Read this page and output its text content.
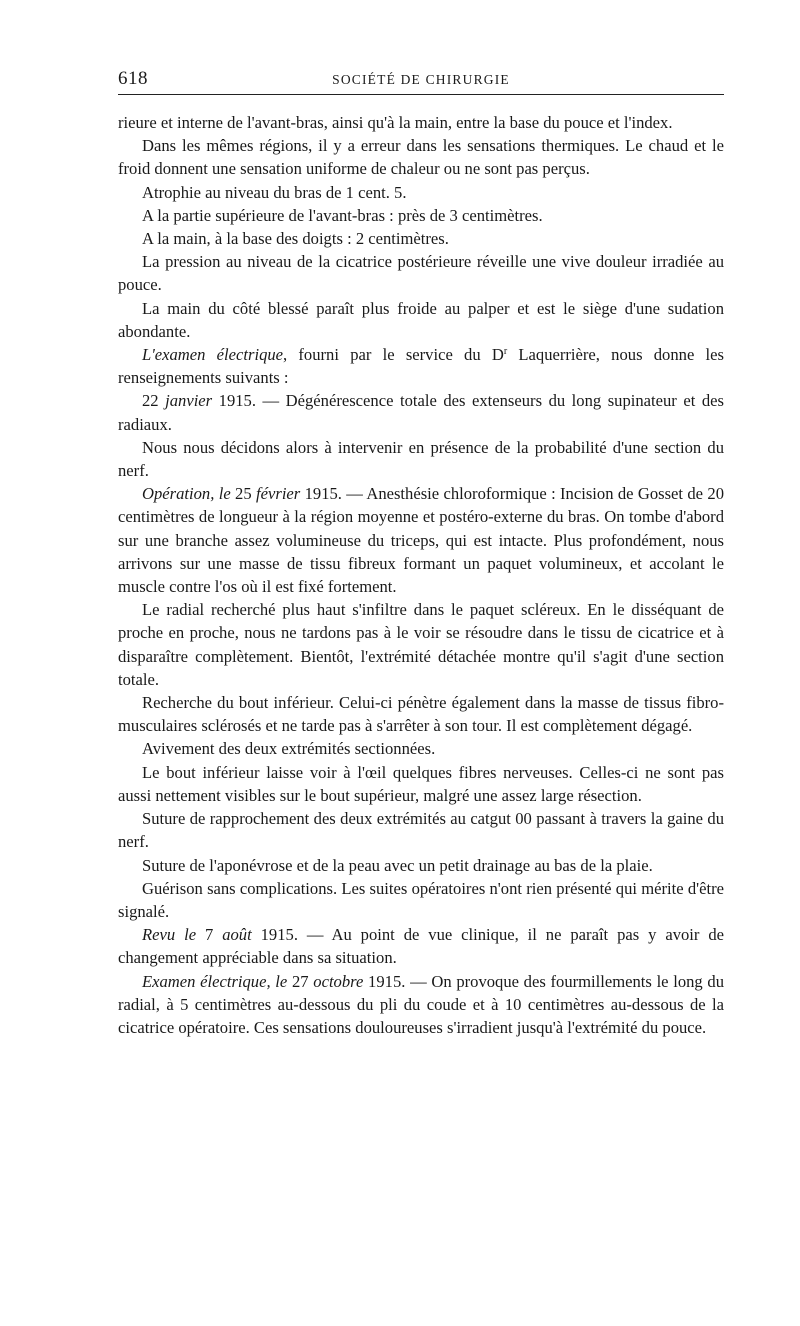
618	SOCIÉTÉ DE CHIRURGIE

rieure et interne de l'avant-bras, ainsi qu'à la main, entre la base du pouce et l'index.

Dans les mêmes régions, il y a erreur dans les sensations thermiques. Le chaud et le froid donnent une sensation uniforme de chaleur ou ne sont pas perçus.

Atrophie au niveau du bras de 1 cent. 5.

A la partie supérieure de l'avant-bras : près de 3 centimètres.

A la main, à la base des doigts : 2 centimètres.

La pression au niveau de la cicatrice postérieure réveille une vive douleur irradiée au pouce.

La main du côté blessé paraît plus froide au palper et est le siège d'une sudation abondante.

L'examen électrique, fourni par le service du $D^r$ Laquerrière, nous donne les renseignements suivants :

22 janvier 1915. — Dégénérescence totale des extenseurs du long supinateur et des radiaux.

Nous nous décidons alors à intervenir en présence de la probabilité d'une section du nerf.

Opération, le 25 février 1915. — Anesthésie chloroformique : Incision de Gosset de 20 centimètres de longueur à la région moyenne et postéro-externe du bras. On tombe d'abord sur une branche assez volumineuse du triceps, qui est intacte. Plus profondément, nous arrivons sur une masse de tissu fibreux formant un paquet volumineux, et accolant le muscle contre l'os où il est fixé fortement.

Le radial recherché plus haut s'infiltre dans le paquet scléreux. En le disséquant de proche en proche, nous ne tardons pas à le voir se résoudre dans le tissu de cicatrice et à disparaître complètement. Bientôt, l'extrémité détachée montre qu'il s'agit d'une section totale.

Recherche du bout inférieur. Celui-ci pénètre également dans la masse de tissus fibro-musculaires sclérosés et ne tarde pas à s'arrêter à son tour. Il est complètement dégagé.

Avivement des deux extrémités sectionnées.

Le bout inférieur laisse voir à l'œil quelques fibres nerveuses. Celles-ci ne sont pas aussi nettement visibles sur le bout supérieur, malgré une assez large résection.

Suture de rapprochement des deux extrémités au catgut 00 passant à travers la gaine du nerf.

Suture de l'aponévrose et de la peau avec un petit drainage au bas de la plaie.

Guérison sans complications. Les suites opératoires n'ont rien présenté qui mérite d'être signalé.

Revu le 7 août 1915. — Au point de vue clinique, il ne paraît pas y avoir de changement appréciable dans sa situation.

Examen électrique, le 27 octobre 1915. — On provoque des fourmillements le long du radial, à 5 centimètres au-dessous du pli du coude et à 10 centimètres au-dessous de la cicatrice opératoire. Ces sensations douloureuses s'irradient jusqu'à l'extrémité du pouce.
